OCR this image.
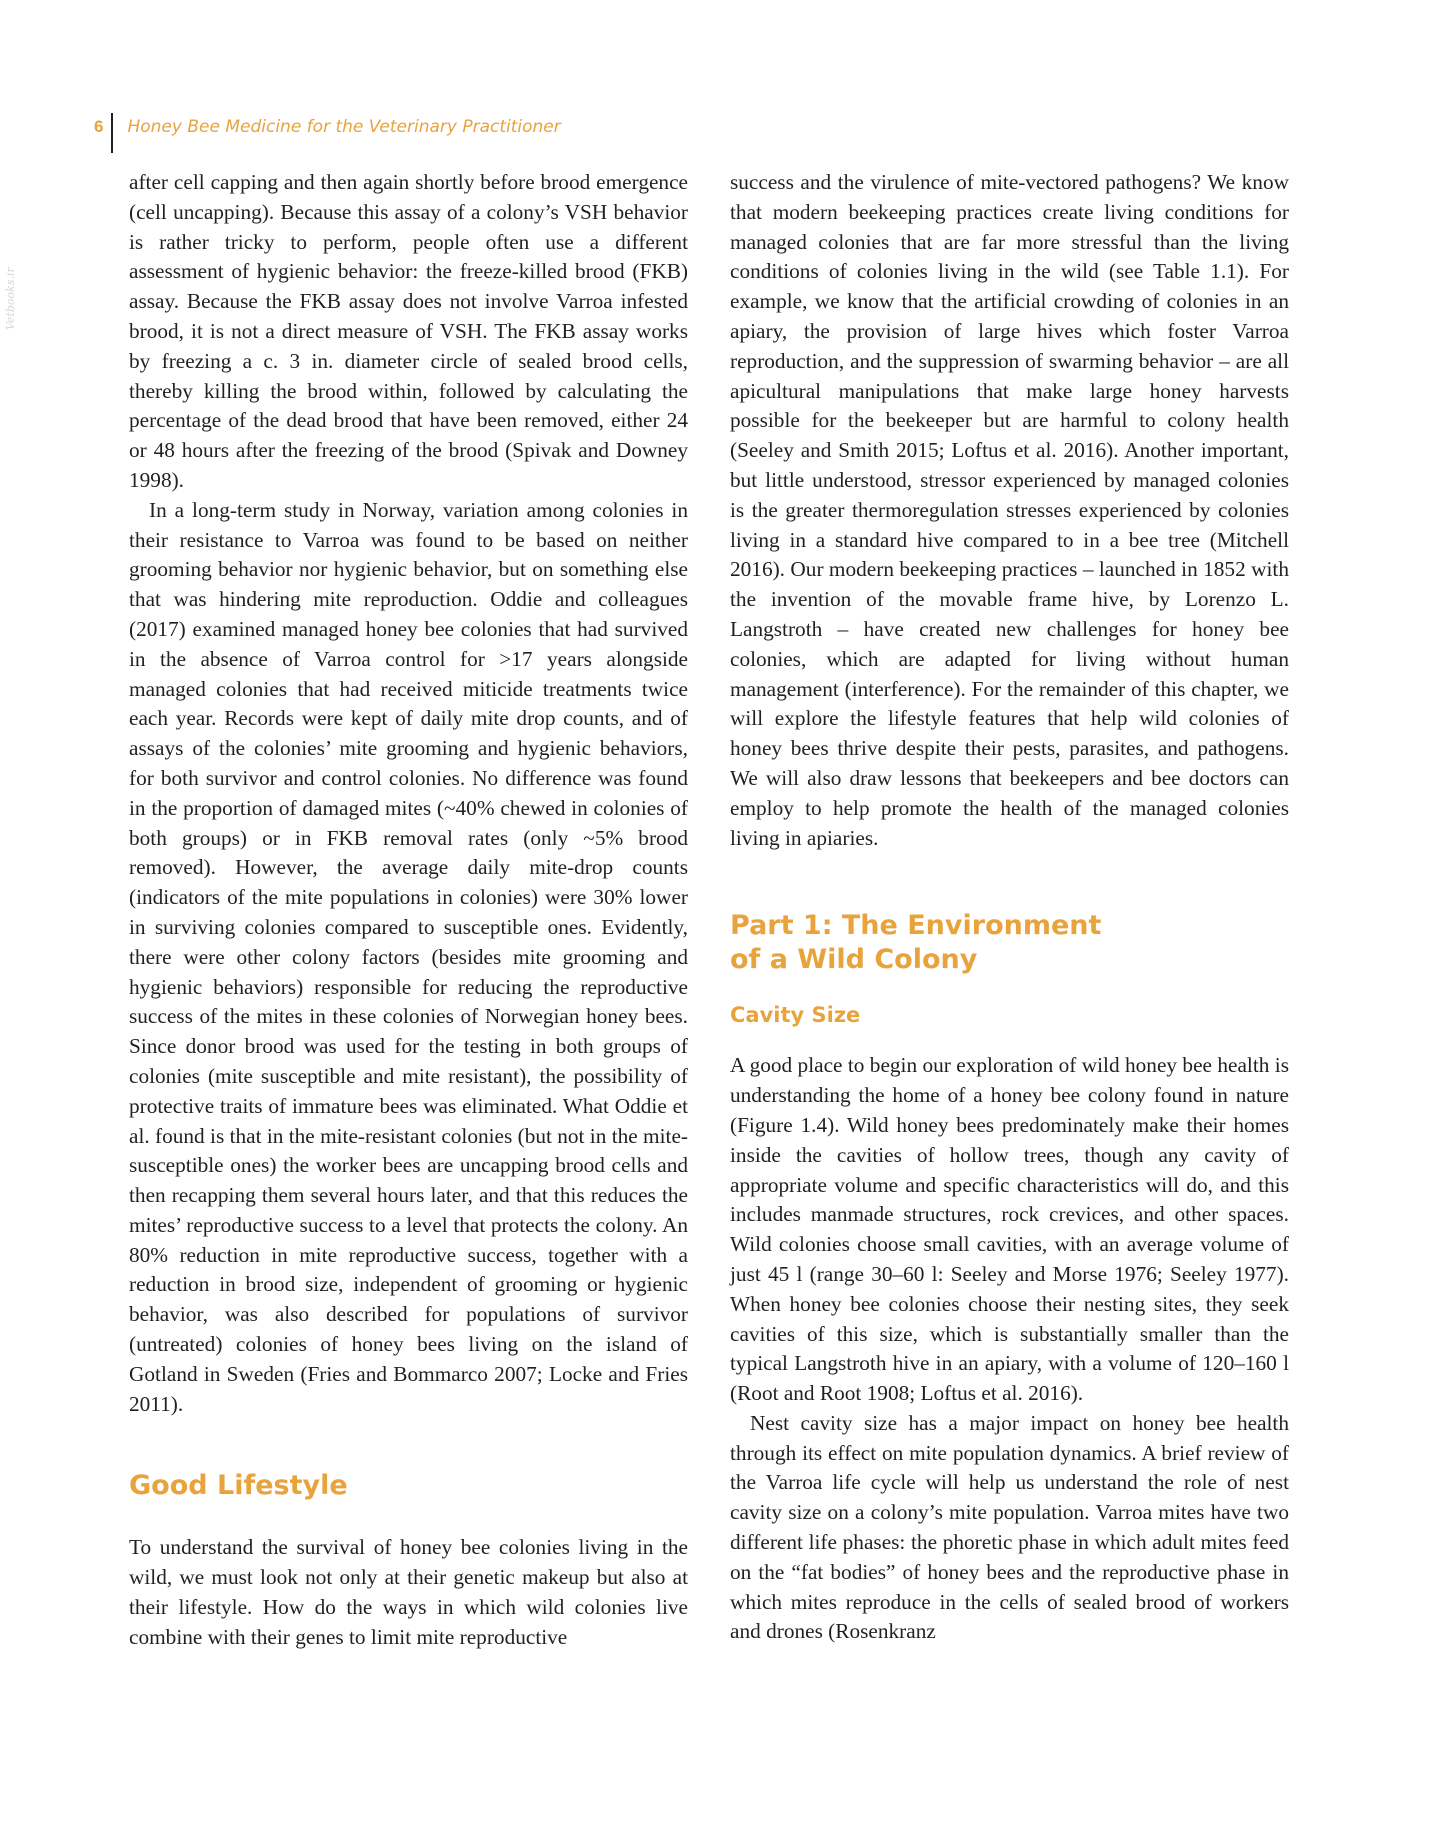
6	Honey Bee Medicine for the Veterinary Practitioner
Vetbooks.ir

after cell capping and then again shortly before brood emergence (cell uncapping). Because this assay of a colony’s VSH behavior is rather tricky to perform, people often use a different assessment of hygienic behavior: the freeze-killed brood (FKB) assay. Because the FKB assay does not involve Varroa infested brood, it is not a direct measure of VSH. The FKB assay works by freezing a c. 3 in. diameter circle of sealed brood cells, thereby killing the brood within, followed by calculating the percentage of the dead brood that have been removed, either 24 or 48 hours after the freezing of the brood (Spivak and Downey 1998).

In a long-term study in Norway, variation among colonies in their resistance to Varroa was found to be based on neither grooming behavior nor hygienic behavior, but on something else that was hindering mite reproduction. Oddie and colleagues (2017) examined managed honey bee colonies that had survived in the absence of Varroa control for >17 years alongside managed colonies that had received miticide treatments twice each year. Records were kept of daily mite drop counts, and of assays of the colonies’ mite grooming and hygienic behaviors, for both survivor and control colonies. No difference was found in the proportion of damaged mites (~40% chewed in colonies of both groups) or in FKB removal rates (only ~5% brood removed). However, the average daily mite-drop counts (indicators of the mite populations in colonies) were 30% lower in surviving colonies compared to susceptible ones. Evidently, there were other colony factors (besides mite grooming and hygienic behaviors) responsible for reducing the reproductive success of the mites in these colonies of Norwegian honey bees. Since donor brood was used for the testing in both groups of colonies (mite susceptible and mite resistant), the possibility of protective traits of immature bees was eliminated. What Oddie et al. found is that in the mite-resistant colonies (but not in the mite-susceptible ones) the worker bees are uncapping brood cells and then recapping them several hours later, and that this reduces the mites’ reproductive success to a level that protects the colony. An 80% reduction in mite reproductive success, together with a reduction in brood size, independent of grooming or hygienic behavior, was also described for populations of survivor (untreated) colonies of honey bees living on the island of Gotland in Sweden (Fries and Bommarco 2007; Locke and Fries 2011).

Good Lifestyle

To understand the survival of honey bee colonies living in the wild, we must look not only at their genetic makeup but also at their lifestyle. How do the ways in which wild colonies live combine with their genes to limit mite reproductive

success and the virulence of mite-vectored pathogens? We know that modern beekeeping practices create living conditions for managed colonies that are far more stressful than the living conditions of colonies living in the wild (see Table 1.1). For example, we know that the artificial crowding of colonies in an apiary, the provision of large hives which foster Varroa reproduction, and the suppression of swarming behavior – are all apicultural manipulations that make large honey harvests possible for the beekeeper but are harmful to colony health (Seeley and Smith 2015; Loftus et al. 2016). Another important, but little understood, stressor experienced by managed colonies is the greater thermoregulation stresses experienced by colonies living in a standard hive compared to in a bee tree (Mitchell 2016). Our modern beekeeping practices – launched in 1852 with the invention of the movable frame hive, by Lorenzo L. Langstroth – have created new challenges for honey bee colonies, which are adapted for living without human management (interference). For the remainder of this chapter, we will explore the lifestyle features that help wild colonies of honey bees thrive despite their pests, parasites, and pathogens. We will also draw lessons that beekeepers and bee doctors can employ to help promote the health of the managed colonies living in apiaries.

Part 1: The Environment
of a Wild Colony
Cavity Size

A good place to begin our exploration of wild honey bee health is understanding the home of a honey bee colony found in nature (Figure 1.4). Wild honey bees predominately make their homes inside the cavities of hollow trees, though any cavity of appropriate volume and specific characteristics will do, and this includes manmade structures, rock crevices, and other spaces. Wild colonies choose small cavities, with an average volume of just 45 l (range 30–60 l: Seeley and Morse 1976; Seeley 1977). When honey bee colonies choose their nesting sites, they seek cavities of this size, which is substantially smaller than the typical Langstroth hive in an apiary, with a volume of 120–160 l (Root and Root 1908; Loftus et al. 2016).

Nest cavity size has a major impact on honey bee health through its effect on mite population dynamics. A brief review of the Varroa life cycle will help us understand the role of nest cavity size on a colony’s mite population. Varroa mites have two different life phases: the phoretic phase in which adult mites feed on the “fat bodies” of honey bees and the reproductive phase in which mites reproduce in the cells of sealed brood of workers and drones (Rosenkranz
